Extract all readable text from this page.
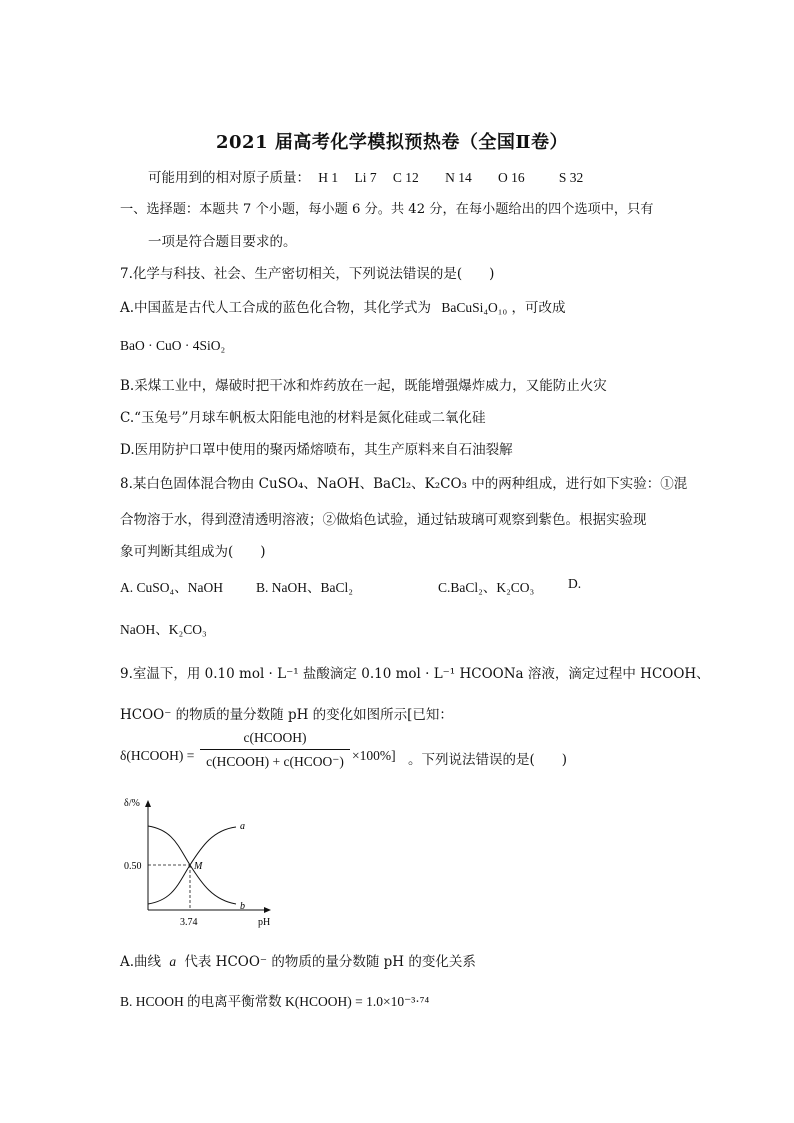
2021 届高考化学模拟预热卷（全国Ⅱ卷）
可能用到的相对原子质量： H 1 Li 7 C 12 N 14 O 16	S 32
一、选择题：本题共 7 个小题，每小题 6 分。共 42 分，在每小题给出的四个选项中，只有
一项是符合题目要求的。
7.化学与科技、社会、生产密切相关，下列说法错误的是(　　)
A.中国蓝是古代人工合成的蓝色化合物，其化学式为 BaCuSi₄O₁₀ ，可改成
BaO · CuO · 4SiO₂
B.采煤工业中，爆破时把干冰和炸药放在一起，既能增强爆炸威力，又能防止火灾
C.“玉兔号”月球车帆板太阳能电池的材料是氮化硅或二氧化硅
D.医用防护口罩中使用的聚丙烯熔喷布，其生产原料来自石油裂解
8.某白色固体混合物由 CuSO₄、NaOH、BaCl₂、K₂CO₃ 中的两种组成，进行如下实验：①混
合物溶于水，得到澄清透明溶液；②做焰色试验，通过钴玻璃可观察到紫色。根据实验现
象可判断其组成为(　　)
A. CuSO₄、NaOH B. NaOH、BaCl₂	C.BaCl₂、K₂CO₃ D.
NaOH、K₂CO₃
9.室温下，用 0.10 mol · L⁻¹ 盐酸滴定 0.10 mol · L⁻¹ HCOONa 溶液，滴定过程中 HCOOH、
HCOO⁻ 的物质的量分数随 pH 的变化如图所示[已知：
δ(HCOOH) =
c(HCOOH)
c(HCOOH) + c(HCOO⁻) ×100%] 。下列说法错误的是(　　)
δ/%
pH
0.50
3.74
M
a
b
A.曲线 a 代表 HCOO⁻ 的物质的量分数随 pH 的变化关系
B. HCOOH 的电离平衡常数 K(HCOOH) = 1.0×10⁻³·⁷⁴
